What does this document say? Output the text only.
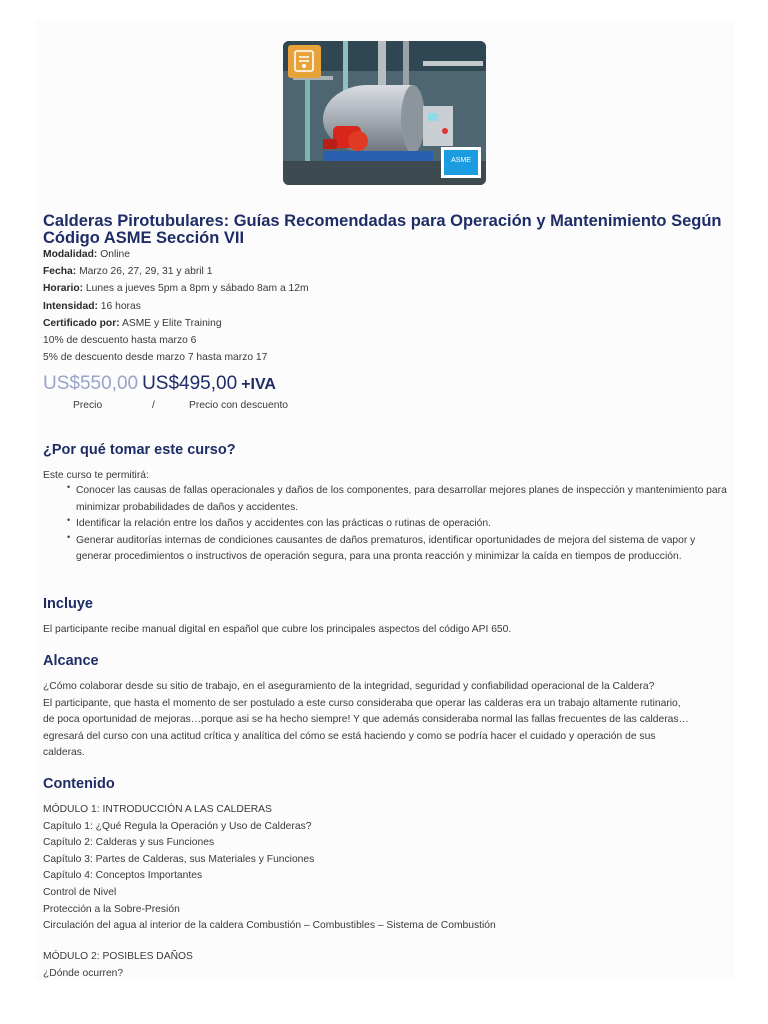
ASME
Calderas Pirotubulares: Guías Recomendadas para Operación y Mantenimiento Según Código ASME Sección VII
Modalidad: Online
Fecha: Marzo 26, 27, 29, 31 y abril 1
Horario: Lunes a jueves 5pm a 8pm y sábado 8am a 12m
Intensidad: 16 horas
Certificado por: ASME y Elite Training
10% de descuento hasta marzo 6
5% de descuento desde marzo 7 hasta marzo 17
US$550,00 US$495,00 +IVA
Precio	/	Precio con descuento
¿Por qué tomar este curso?
Este curso te permitirá:
• Conocer las causas de fallas operacionales y daños de los componentes, para desarrollar mejores planes de inspección y mantenimiento para minimizar probabilidades de daños y accidentes.
• Identificar la relación entre los daños y accidentes con las prácticas o rutinas de operación.
• Generar auditorías internas de condiciones causantes de daños prematuros, identificar oportunidades de mejora del sistema de vapor y generar procedimientos o instructivos de operación segura, para una pronta reacción y minimizar la caída en tiempos de producción.
Incluye
El participante recibe manual digital en español que cubre los principales aspectos del código API 650.
Alcance
¿Cómo colaborar desde su sitio de trabajo, en el aseguramiento de la integridad, seguridad y confiabilidad operacional de la Caldera?
El participante, que hasta el momento de ser postulado a este curso consideraba que operar las calderas era un trabajo altamente rutinario,
de poca oportunidad de mejoras…porque asi se ha hecho siempre! Y que además consideraba normal las fallas frecuentes de las calderas…
egresará del curso con una actitud crítica y analítica del cómo se está haciendo y como se podría hacer el cuidado y operación de sus
calderas.
Contenido
MÓDULO 1: INTRODUCCIÓN A LAS CALDERAS
Capítulo 1: ¿Qué Regula la Operación y Uso de Calderas?
Capítulo 2: Calderas y sus Funciones
Capítulo 3: Partes de Calderas, sus Materiales y Funciones
Capítulo 4: Conceptos Importantes
Control de Nivel
Protección a la Sobre-Presión
Circulación del agua al interior de la caldera Combustión – Combustibles – Sistema de Combustión
MÓDULO 2: POSIBLES DAÑOS
¿Dónde ocurren?
